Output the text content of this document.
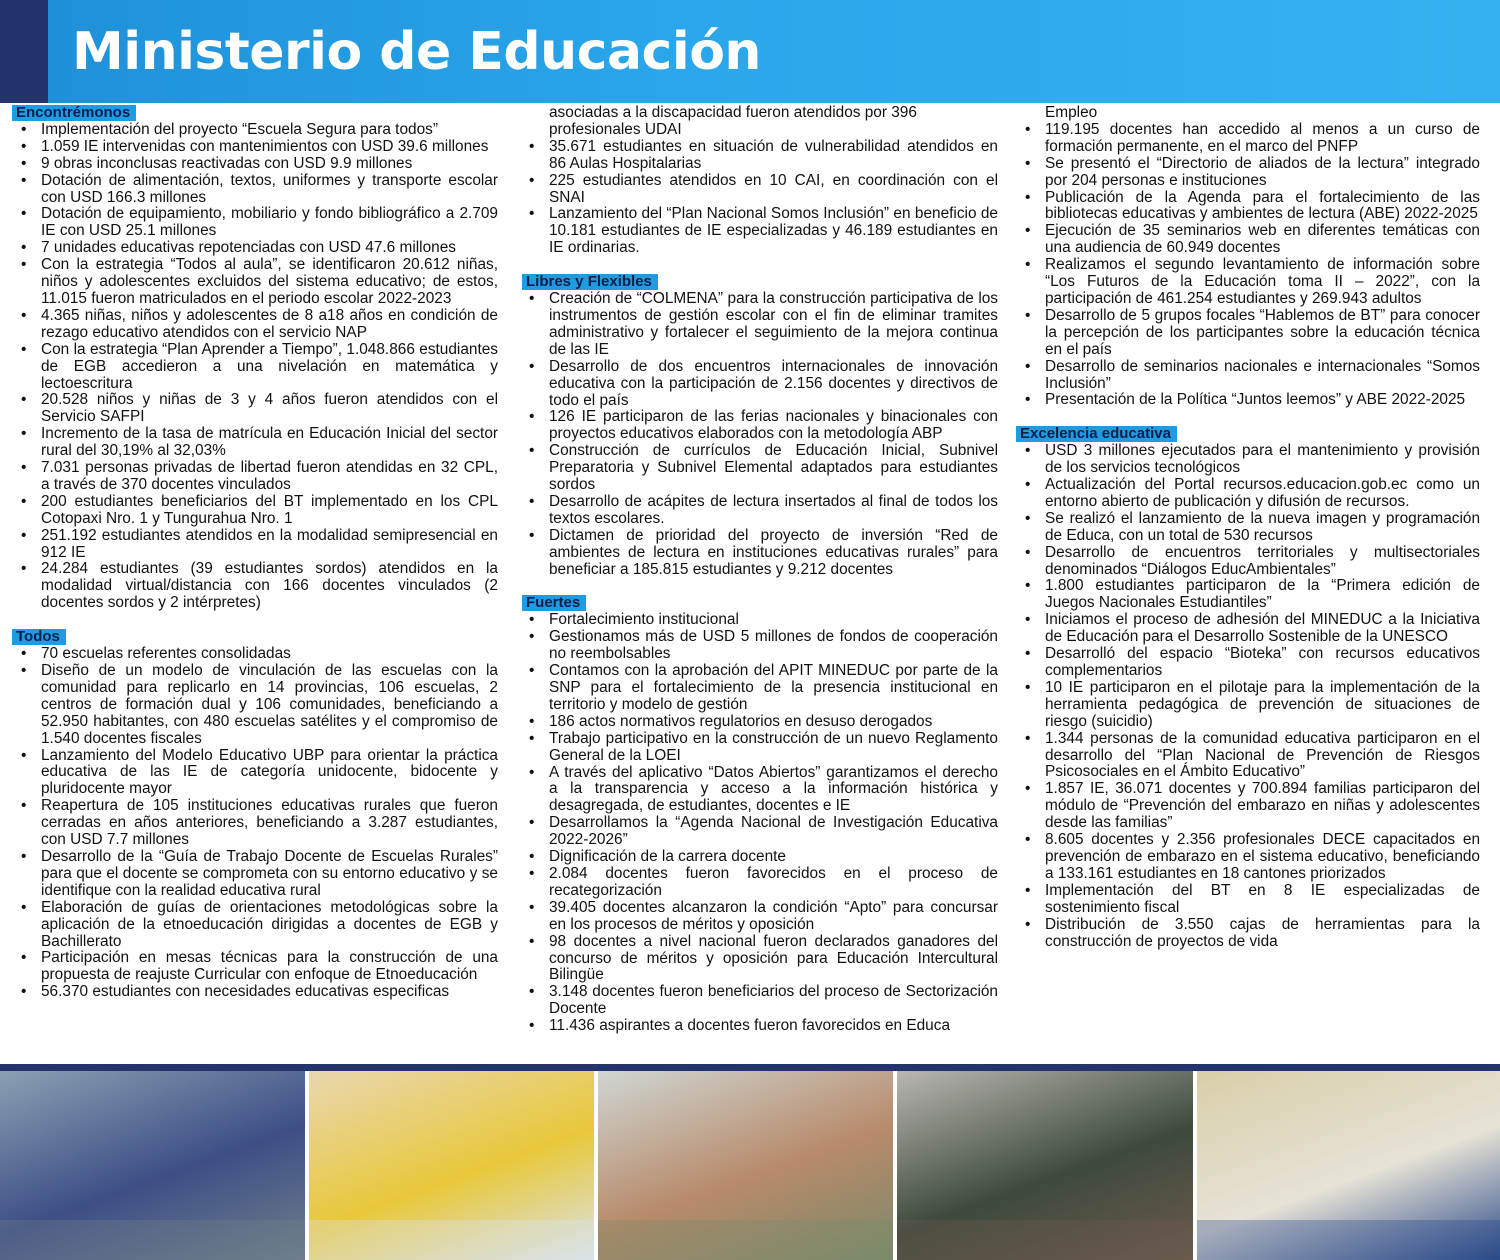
Ministerio de Educación
Encontrémonos
• Implementación del proyecto “Escuela Segura para todos”
• 1.059 IE intervenidas con mantenimientos con USD 39.6 millones
• 9 obras inconclusas reactivadas con USD 9.9 millones
• Dotación de alimentación, textos, uniformes y transporte escolar con USD 166.3 millones
• Dotación de equipamiento, mobiliario y fondo bibliográfico a 2.709 IE con USD 25.1 millones
• 7 unidades educativas repotenciadas con USD 47.6 millones
• Con la estrategia “Todos al aula”, se identificaron 20.612 niñas, niños y adolescentes excluidos del sistema educativo; de estos, 11.015 fueron matriculados en el periodo escolar 2022-2023
• 4.365 niñas, niños y adolescentes de 8 a18 años en condición de rezago educativo atendidos con el servicio NAP
• Con la estrategia “Plan Aprender a Tiempo”, 1.048.866 estudiantes de EGB accedieron a una nivelación en matemática y lectoescritura
• 20.528 niños y niñas de 3 y 4 años fueron atendidos con el Servicio SAFPI
• Incremento de la tasa de matrícula en Educación Inicial del sector rural del 30,19% al 32,03%
• 7.031 personas privadas de libertad fueron atendidas en 32 CPL, a través de 370 docentes vinculados
• 200 estudiantes beneficiarios del BT implementado en los CPL Cotopaxi Nro. 1 y Tungurahua Nro. 1
• 251.192 estudiantes atendidos en la modalidad semipresencial en 912 IE
• 24.284 estudiantes (39 estudiantes sordos) atendidos en la modalidad virtual/distancia con 166 docentes vinculados (2 docentes sordos y 2 intérpretes)
Todos
• 70 escuelas referentes consolidadas
• Diseño de un modelo de vinculación de las escuelas con la comunidad para replicarlo en 14 provincias, 106 escuelas, 2 centros de formación dual y 106 comunidades, beneficiando a 52.950 habitantes, con 480 escuelas satélites y el compromiso de 1.540 docentes fiscales
• Lanzamiento del Modelo Educativo UBP para orientar la práctica educativa de las IE de categoría unidocente, bidocente y pluridocente mayor
• Reapertura de 105 instituciones educativas rurales que fueron cerradas en años anteriores, beneficiando a 3.287 estudiantes, con USD 7.7 millones
• Desarrollo de la “Guía de Trabajo Docente de Escuelas Rurales” para que el docente se comprometa con su entorno educativo y se identifique con la realidad educativa rural
• Elaboración de guías de orientaciones metodológicas sobre la aplicación de la etnoeducación dirigidas a docentes de EGB y Bachillerato
• Participación en mesas técnicas para la construcción de una propuesta de reajuste Curricular con enfoque de Etnoeducación
• 56.370 estudiantes con necesidades educativas especificas

asociadas a la discapacidad fueron atendidos por 396 profesionales UDAI

• 35.671 estudiantes en situación de vulnerabilidad atendidos en 86 Aulas Hospitalarias
• 225 estudiantes atendidos en 10 CAI, en coordinación con el SNAI
• Lanzamiento del “Plan Nacional Somos Inclusión” en beneficio de 10.181 estudiantes de IE especializadas y 46.189 estudiantes en IE ordinarias.
Libres y Flexibles
• Creación de “COLMENA” para la construcción participativa de los instrumentos de gestión escolar con el fin de eliminar tramites administrativo y fortalecer el seguimiento de la mejora continua de las IE
• Desarrollo de dos encuentros internacionales de innovación educativa con la participación de 2.156 docentes y directivos de todo el país
• 126 IE participaron de las ferias nacionales y binacionales con proyectos educativos elaborados con la metodología ABP
• Construcción de currículos de Educación Inicial, Subnivel Preparatoria y Subnivel Elemental adaptados para estudiantes sordos
• Desarrollo de acápites de lectura insertados al final de todos los textos escolares.
• Dictamen de prioridad del proyecto de inversión “Red de ambientes de lectura en instituciones educativas rurales” para beneficiar a 185.815 estudiantes y 9.212 docentes
Fuertes
• Fortalecimiento institucional
• Gestionamos más de USD 5 millones de fondos de cooperación no reembolsables
• Contamos con la aprobación del APIT MINEDUC por parte de la SNP para el fortalecimiento de la presencia institucional en territorio y modelo de gestión
• 186 actos normativos regulatorios en desuso derogados
• Trabajo participativo en la construcción de un nuevo Reglamento General de la LOEI
• A través del aplicativo “Datos Abiertos” garantizamos el derecho a la transparencia y acceso a la información histórica y desagregada, de estudiantes, docentes e IE
• Desarrollamos la “Agenda Nacional de Investigación Educativa 2022-2026”
• Dignificación de la carrera docente
• 2.084 docentes fueron favorecidos en el proceso de recategorización
• 39.405 docentes alcanzaron la condición “Apto” para concursar en los procesos de méritos y oposición
• 98 docentes a nivel nacional fueron declarados ganadores del concurso de méritos y oposición para Educación Intercultural Bilingüe
• 3.148 docentes fueron beneficiarios del proceso de Sectorización Docente
• 11.436 aspirantes a docentes fueron favorecidos en Educa

Empleo

• 119.195 docentes han accedido al menos a un curso de formación permanente, en el marco del PNFP
• Se presentó el “Directorio de aliados de la lectura” integrado por 204 personas e instituciones
• Publicación de la Agenda para el fortalecimiento de las bibliotecas educativas y ambientes de lectura (ABE) 2022-2025
• Ejecución de 35 seminarios web en diferentes temáticas con una audiencia de 60.949 docentes
• Realizamos el segundo levantamiento de información sobre “Los Futuros de la Educación toma II – 2022”, con la participación de 461.254 estudiantes y 269.943 adultos
• Desarrollo de 5 grupos focales “Hablemos de BT” para conocer la percepción de los participantes sobre la educación técnica en el país
• Desarrollo de seminarios nacionales e internacionales “Somos Inclusión”
• Presentación de la Política “Juntos leemos” y ABE 2022-2025
Excelencia educativa
• USD 3 millones ejecutados para el mantenimiento y provisión de los servicios tecnológicos
• Actualización del Portal recursos.educacion.gob.ec como un entorno abierto de publicación y difusión de recursos.
• Se realizó el lanzamiento de la nueva imagen y programación de Educa, con un total de 530 recursos
• Desarrollo de encuentros territoriales y multisectoriales denominados “Diálogos EducAmbientales”
• 1.800 estudiantes participaron de la “Primera edición de Juegos Nacionales Estudiantiles”
• Iniciamos el proceso de adhesión del MINEDUC a la Iniciativa de Educación para el Desarrollo Sostenible de la UNESCO
• Desarrolló del espacio “Bioteka” con recursos educativos complementarios
• 10 IE participaron en el pilotaje para la implementación de la herramienta pedagógica de prevención de situaciones de riesgo (suicidio)
• 1.344 personas de la comunidad educativa participaron en el desarrollo del “Plan Nacional de Prevención de Riesgos Psicosociales en el Ámbito Educativo”
• 1.857 IE, 36.071 docentes y 700.894 familias participaron del módulo de “Prevención del embarazo en niñas y adolescentes desde las familias”
• 8.605 docentes y 2.356 profesionales DECE capacitados en prevención de embarazo en el sistema educativo, beneficiando a 133.161 estudiantes en 18 cantones priorizados
• Implementación del BT en 8 IE especializadas de sostenimiento fiscal
• Distribución de 3.550 cajas de herramientas para la construcción de proyectos de vida
